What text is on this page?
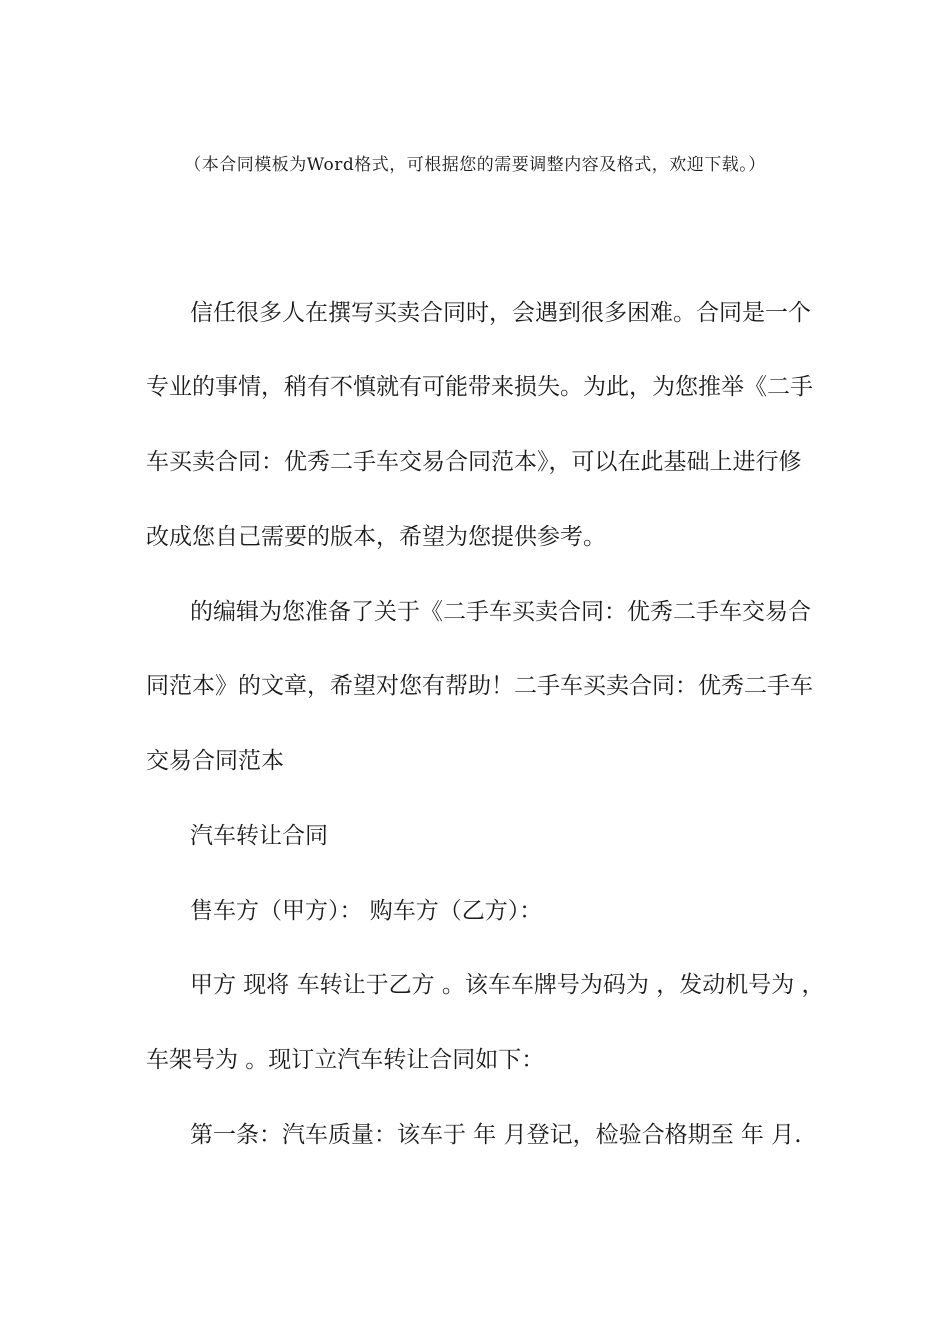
（本合同模板为Word格式，可根据您的需要调整内容及格式，欢迎下载。）
信任很多人在撰写买卖合同时，会遇到很多困难。合同是一个
专业的事情，稍有不慎就有可能带来损失。为此，为您推举《二手
车买卖合同：优秀二手车交易合同范本》，可以在此基础上进行修
改成您自己需要的版本，希望为您提供参考。
的编辑为您准备了关于《二手车买卖合同：优秀二手车交易合
同范本》的文章，希望对您有帮助！二手车买卖合同：优秀二手车
交易合同范本
汽车转让合同
售车方（甲方）： 购车方（乙方）：
甲方 现将 车转让于乙方 。该车车牌号为码为 ，发动机号为 ，
车架号为 。现订立汽车转让合同如下：
第一条：汽车质量：该车于 年 月登记，检验合格期至 年 月.
